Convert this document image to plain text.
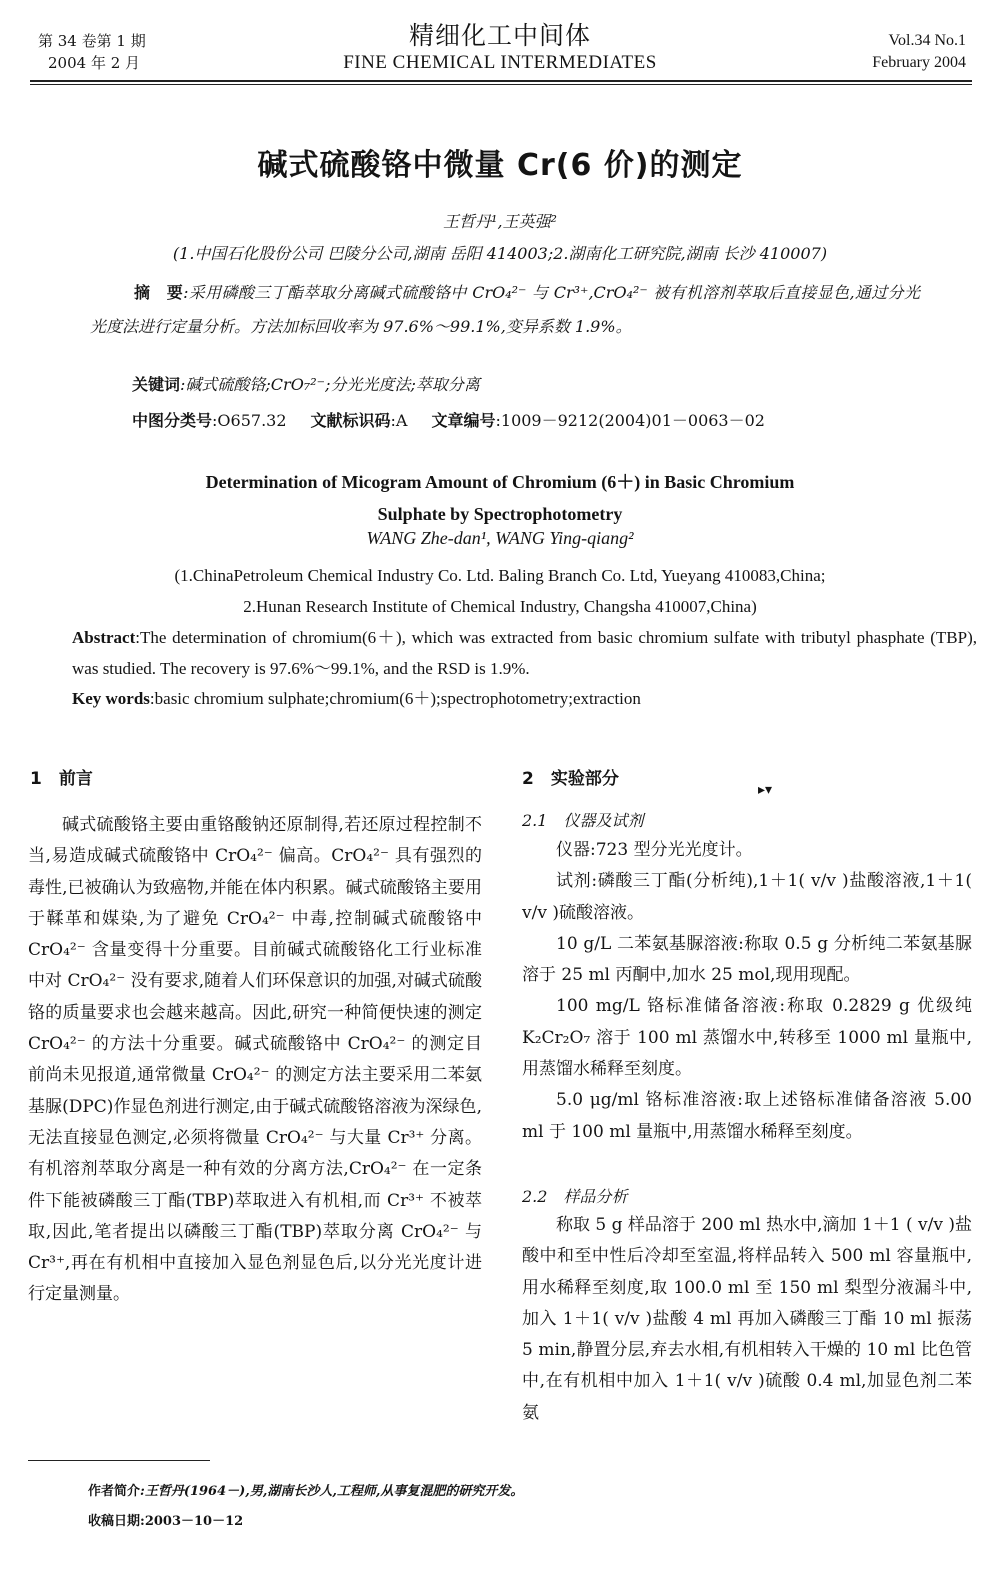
第 34 卷第 1 期
2004 年 2 月
精细化工中间体
FINE CHEMICAL INTERMEDIATES
Vol.34 No.1
February 2004
碱式硫酸铬中微量 Cr(6 价)的测定
王哲丹¹,王英强²
(1.中国石化股份公司 巴陵分公司,湖南 岳阳 414003;2.湖南化工研究院,湖南 长沙 410007)
摘　要:采用磷酸三丁酯萃取分离碱式硫酸铬中 CrO₄²⁻ 与 Cr³⁺,CrO₄²⁻ 被有机溶剂萃取后直接显色,通过分光光度法进行定量分析。方法加标回收率为 97.6%～99.1%,变异系数 1.9%。
关键词:碱式硫酸铬;CrO₇²⁻;分光光度法;萃取分离
中图分类号:O657.32 文献标识码:A 文章编号:1009－9212(2004)01－0063－02
Determination of Micogram Amount of Chromium (6＋) in Basic Chromium
Sulphate by Spectrophotometry
WANG Zhe-dan¹, WANG Ying-qiang²
(1.ChinaPetroleum Chemical Industry Co. Ltd. Baling Branch Co. Ltd, Yueyang 410083,China;
2.Hunan Research Institute of Chemical Industry, Changsha 410007,China)
Abstract:The determination of chromium(6＋), which was extracted from basic chromium sulfate with tributyl phasphate (TBP), was studied. The recovery is 97.6%～99.1%, and the RSD is 1.9%.
Key words:basic chromium sulphate;chromium(6＋);spectrophotometry;extraction
1　前言

碱式硫酸铬主要由重铬酸钠还原制得,若还原过程控制不当,易造成碱式硫酸铬中 CrO₄²⁻ 偏高。CrO₄²⁻ 具有强烈的毒性,已被确认为致癌物,并能在体内积累。碱式硫酸铬主要用于鞣革和媒染,为了避免 CrO₄²⁻ 中毒,控制碱式硫酸铬中 CrO₄²⁻ 含量变得十分重要。目前碱式硫酸铬化工行业标准中对 CrO₄²⁻ 没有要求,随着人们环保意识的加强,对碱式硫酸铬的质量要求也会越来越高。因此,研究一种简便快速的测定 CrO₄²⁻ 的方法十分重要。碱式硫酸铬中 CrO₄²⁻ 的测定目前尚未见报道,通常微量 CrO₄²⁻ 的测定方法主要采用二苯氨基脲(DPC)作显色剂进行测定,由于碱式硫酸铬溶液为深绿色,无法直接显色测定,必须将微量 CrO₄²⁻ 与大量 Cr³⁺ 分离。有机溶剂萃取分离是一种有效的分离方法,CrO₄²⁻ 在一定条件下能被磷酸三丁酯(TBP)萃取进入有机相,而 Cr³⁺ 不被萃取,因此,笔者提出以磷酸三丁酯(TBP)萃取分离 CrO₄²⁻ 与 Cr³⁺,再在有机相中直接加入显色剂显色后,以分光光度计进行定量测量。

2　实验部分
▸▾
2.1　仪器及试剂

仪器:723 型分光光度计。

试剂:磷酸三丁酯(分析纯),1＋1( v/v )盐酸溶液,1＋1( v/v )硫酸溶液。

10 g/L 二苯氨基脲溶液:称取 0.5 g 分析纯二苯氨基脲溶于 25 ml 丙酮中,加水 25 mol,现用现配。

100 mg/L 铬标准储备溶液:称取 0.2829 g 优级纯 K₂Cr₂O₇ 溶于 100 ml 蒸馏水中,转移至 1000 ml 量瓶中,用蒸馏水稀释至刻度。

5.0 μg/ml 铬标准溶液:取上述铬标准储备溶液 5.00 ml 于 100 ml 量瓶中,用蒸馏水稀释至刻度。

2.2　样品分析

称取 5 g 样品溶于 200 ml 热水中,滴加 1＋1 ( v/v )盐酸中和至中性后冷却至室温,将样品转入 500 ml 容量瓶中,用水稀释至刻度,取 100.0 ml 至 150 ml 梨型分液漏斗中,加入 1＋1( v/v )盐酸 4 ml 再加入磷酸三丁酯 10 ml 振荡 5 min,静置分层,弃去水相,有机相转入干燥的 10 ml 比色管中,在有机相中加入 1＋1( v/v )硫酸 0.4 ml,加显色剂二苯氨

作者简介:王哲丹(1964－),男,湖南长沙人,工程师,从事复混肥的研究开发。
收稿日期:2003－10－12
